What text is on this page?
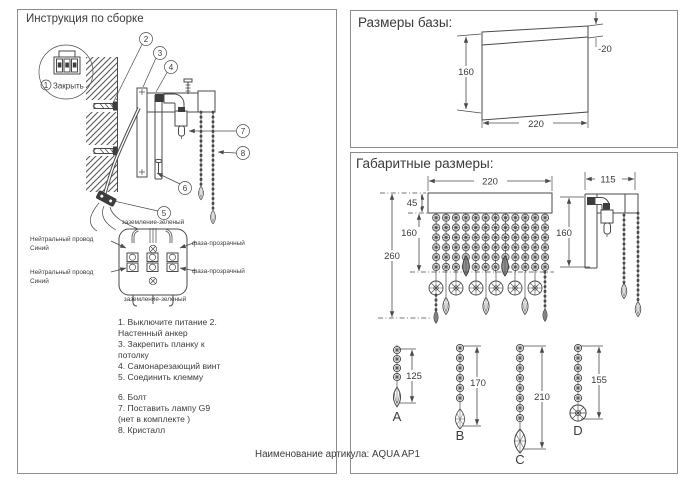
Инструкция по сборке	Размеры базы:
Габаритные размеры:
1 Закрыть
2
3
4
5
6
7
8
заземление-зеленый
Нейтральный провод
Синий
фаза-прозрачный
Нейтральный провод
Синий
фаза-прозрачный
заземление-зеленый
160
220
-20
220
45
160
260
115
160
A
125
B
170
C
210
D
155
1. Выключите питание 2.
Настенный анкер
3. Закрепить планку к
потолку
4. Самонарезающий винт
5. Соединить клемму
6. Болт
7. Поставить лампу G9
(нет в комплекте )
8. Кристалл
Наименование артикула: AQUA AP1
